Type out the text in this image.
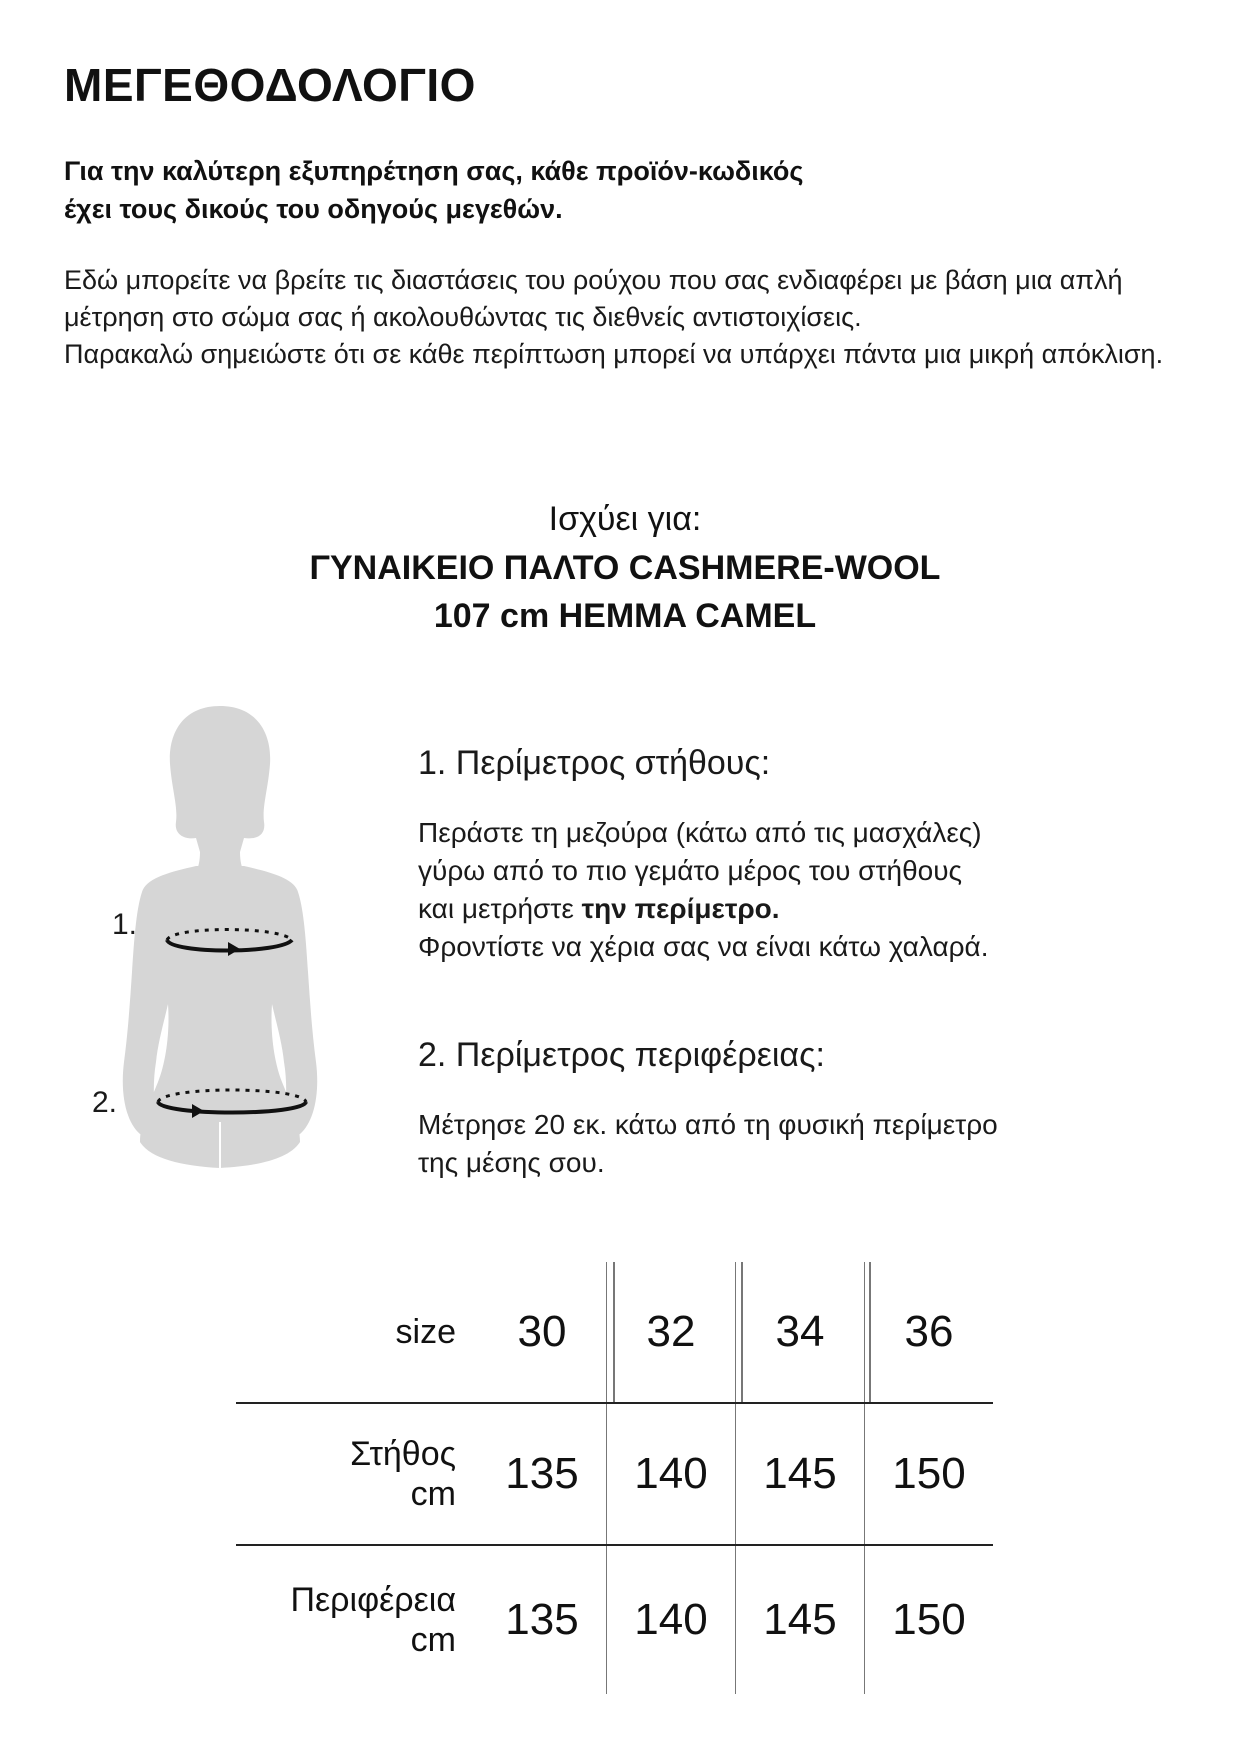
ΜΕΓΕΘΟΔΟΛΟΓΙΟ
Για την καλύτερη εξυπηρέτηση σας, κάθε προϊόν-κωδικός
έχει τους δικούς του οδηγούς μεγεθών.
Εδώ μπορείτε να βρείτε τις διαστάσεις του ρούχου που σας ενδιαφέρει με βάση μια απλή μέτρηση στο σώμα σας ή ακολουθώντας τις διεθνείς αντιστοιχίσεις.
Παρακαλώ σημειώστε ότι σε κάθε περίπτωση μπορεί να υπάρχει πάντα μια μικρή απόκλιση.
Ισχύει για:
ΓΥΝΑΙΚΕΙΟ ΠΑΛΤΟ CASHMERE-WOOL
107 cm HEMMA CAMEL
1.
2.
1. Περίμετρος στήθους:
Περάστε τη μεζούρα (κάτω από τις μασχάλες)
γύρω από το πιο γεμάτο μέρος του στήθους
και μετρήστε την περίμετρο.
Φροντίστε να χέρια σας να είναι κάτω χαλαρά.
2. Περίμετρος περιφέρειας:
Μέτρησε 20 εκ. κάτω από τη φυσική περίμετρο
της μέσης σου.
size	30	32	34	36

Στήθος
cm	135	140	145	150

Περιφέρεια
cm	135	140	145	150
